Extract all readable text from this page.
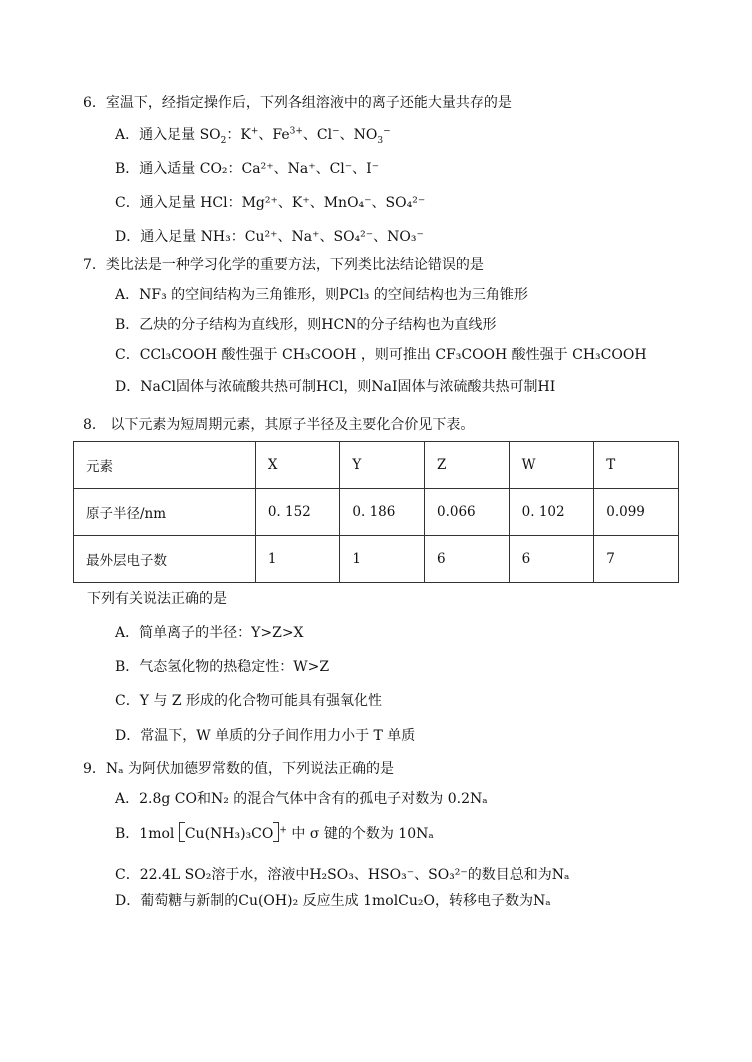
6．室温下，经指定操作后，下列各组溶液中的离子还能大量共存的是
A．通入足量 $SO_2$：K+、$Fe^{3+}$、Cl−、$NO_3^-$
B．通入适量 CO₂：Ca²⁺、Na⁺、Cl⁻、I⁻
C．通入足量 HCl：Mg²⁺、K⁺、MnO₄⁻、SO₄²⁻
D．通入足量 NH₃：Cu²⁺、Na⁺、SO₄²⁻、NO₃⁻
7．类比法是一种学习化学的重要方法，下列类比法结论错误的是
A．NF₃ 的空间结构为三角锥形，则PCl₃ 的空间结构也为三角锥形
B．乙炔的分子结构为直线形，则HCN的分子结构也为直线形
C．CCl₃COOH 酸性强于 CH₃COOH ，则可推出 CF₃COOH 酸性强于 CH₃COOH
D．NaCl固体与浓硫酸共热可制HCl，则NaI固体与浓硫酸共热可制HI
8． 以下元素为短周期元素，其原子半径及主要化合价见下表。
元素	X	Y	Z	W	T
原子半径/nm	0. 152	0. 186	0.066	0. 102	0.099
最外层电子数	1	1	6	6	7
下列有关说法正确的是
A．简单离子的半径：Y>Z>X
B．气态氢化物的热稳定性：W>Z
C．Y 与 Z 形成的化合物可能具有强氧化性
D．常温下，W 单质的分子间作用力小于 T 单质
9．Nₐ 为阿伏加德罗常数的值，下列说法正确的是
A．2.8g CO和N₂ 的混合气体中含有的孤电子对数为 0.2Nₐ
B．1mol Cu(NH₃)₃CO + 中 σ 键的个数为 10Nₐ
C．22.4L SO₂溶于水，溶液中H₂SO₃、HSO₃⁻、SO₃²⁻的数目总和为Nₐ
D．葡萄糖与新制的Cu(OH)₂ 反应生成 1molCu₂O，转移电子数为Nₐ
